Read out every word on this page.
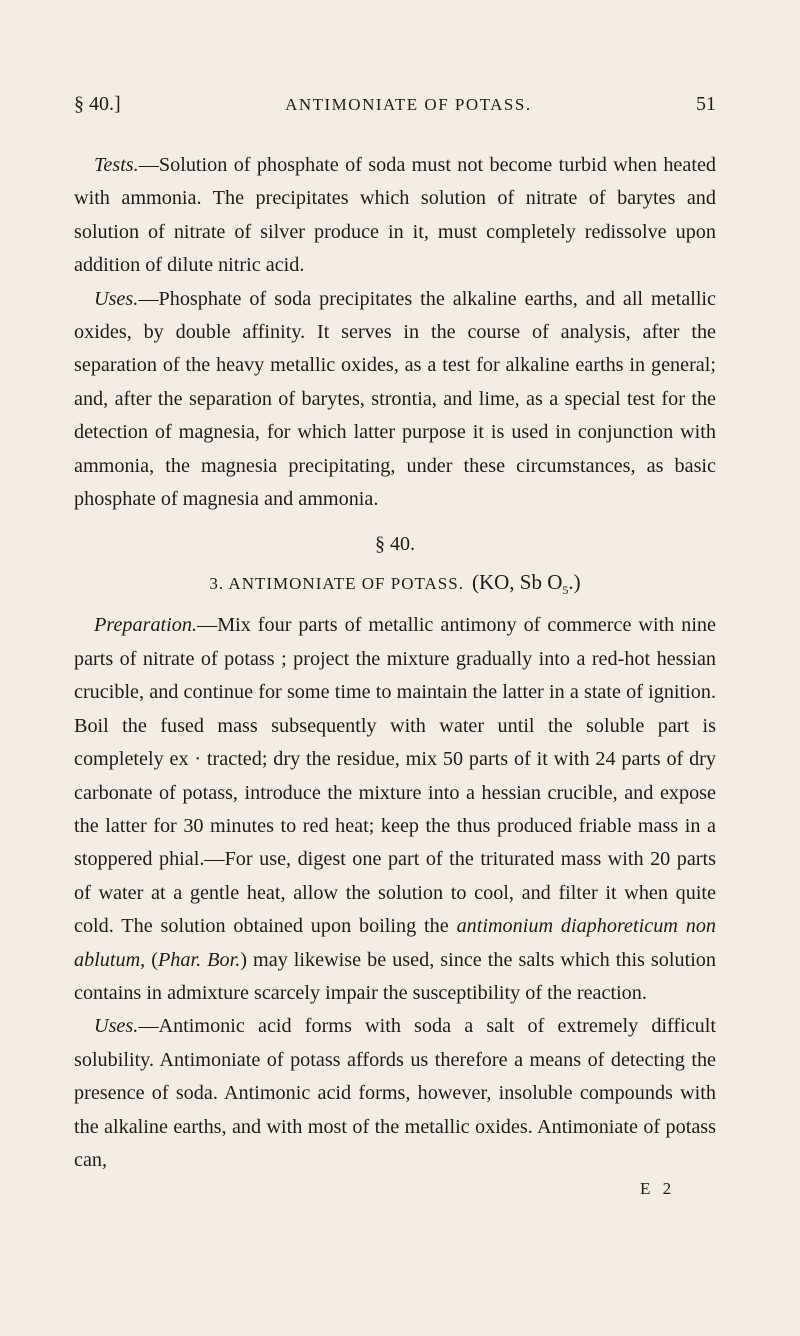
§ 40.]	ANTIMONIATE OF POTASS.	51

Tests.—Solution of phosphate of soda must not become turbid when heated with ammonia. The precipitates which solution of nitrate of barytes and solution of nitrate of silver produce in it, must completely redissolve upon addition of dilute nitric acid.

Uses.—Phosphate of soda precipitates the alkaline earths, and all metallic oxides, by double affinity. It serves in the course of analysis, after the separation of the heavy metallic oxides, as a test for alkaline earths in general; and, after the separation of barytes, strontia, and lime, as a special test for the detection of magnesia, for which latter purpose it is used in conjunction with ammonia, the magnesia precipitating, under these circumstances, as basic phosphate of magnesia and ammonia.

§ 40.
3. ANTIMONIATE OF POTASS. (KO, Sb $O_5$.)

Preparation.—Mix four parts of metallic antimony of commerce with nine parts of nitrate of potass ; project the mixture gradually into a red-hot hessian crucible, and continue for some time to maintain the latter in a state of ignition. Boil the fused mass subsequently with water until the soluble part is completely ex · tracted; dry the residue, mix 50 parts of it with 24 parts of dry carbonate of potass, introduce the mixture into a hessian crucible, and expose the latter for 30 minutes to red heat; keep the thus produced friable mass in a stoppered phial.—For use, digest one part of the triturated mass with 20 parts of water at a gentle heat, allow the solution to cool, and filter it when quite cold. The solution obtained upon boiling the antimonium diaphoreticum non ablutum, (Phar. Bor.) may likewise be used, since the salts which this solution contains in admixture scarcely impair the susceptibility of the reaction.

Uses.—Antimonic acid forms with soda a salt of extremely difficult solubility. Antimoniate of potass affords us therefore a means of detecting the presence of soda. Antimonic acid forms, however, insoluble compounds with the alkaline earths, and with most of the metallic oxides. Antimoniate of potass can,

E 2
